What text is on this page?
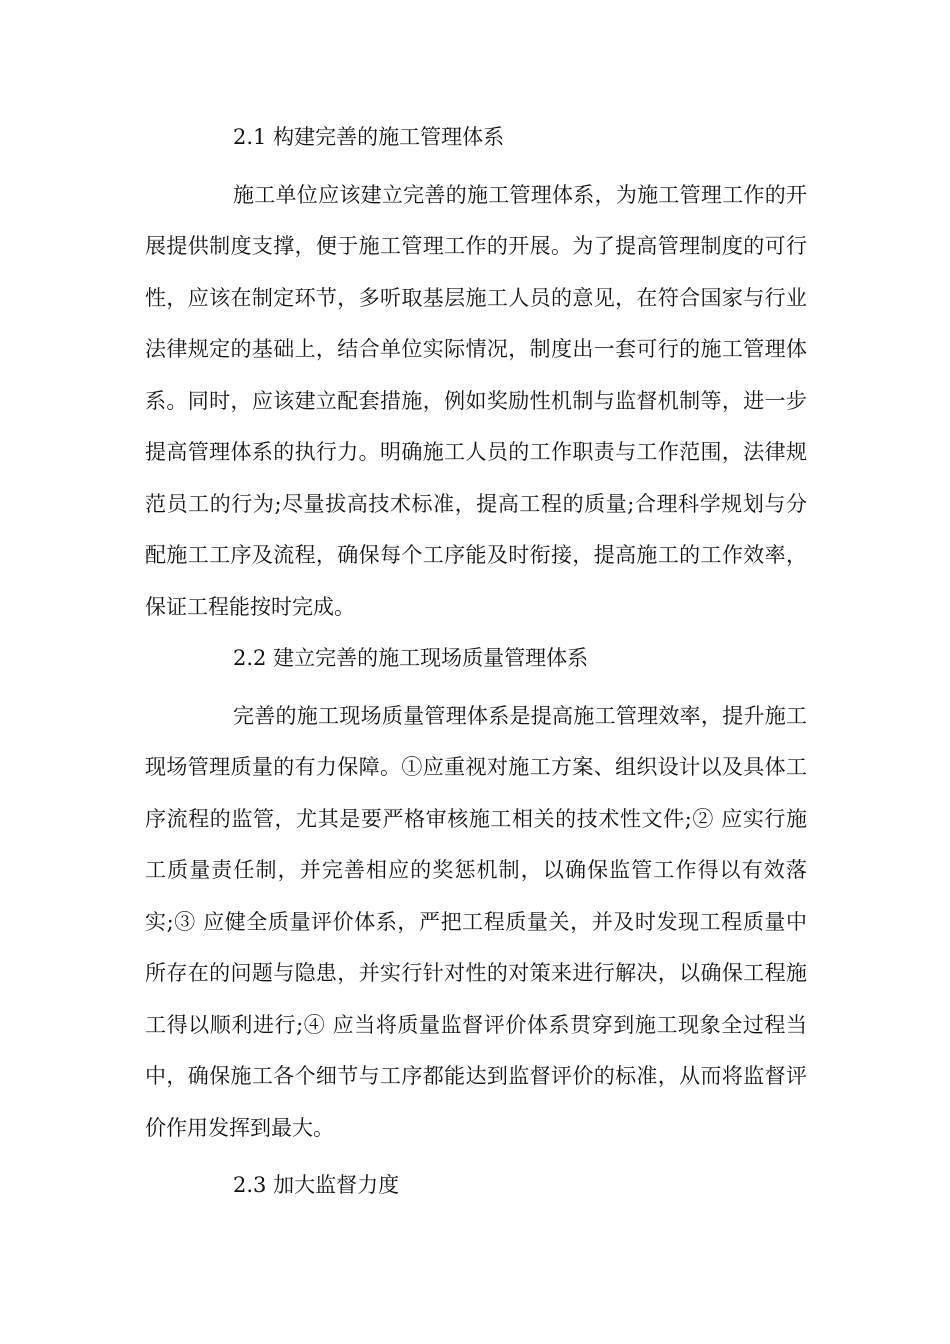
2.1 构建完善的施工管理体系

施工单位应该建立完善的施工管理体系，为施工管理工作的开展提供制度支撑，便于施工管理工作的开展。为了提高管理制度的可行性，应该在制定环节，多听取基层施工人员的意见，在符合国家与行业法律规定的基础上，结合单位实际情况，制度出一套可行的施工管理体系。同时，应该建立配套措施，例如奖励性机制与监督机制等，进一步提高管理体系的执行力。明确施工人员的工作职责与工作范围，法律规范员工的行为;尽量拔高技术标准，提高工程的质量;合理科学规划与分配施工工序及流程，确保每个工序能及时衔接，提高施工的工作效率，保证工程能按时完成。

2.2 建立完善的施工现场质量管理体系

完善的施工现场质量管理体系是提高施工管理效率，提升施工现场管理质量的有力保障。①应重视对施工方案、组织设计以及具体工序流程的监管，尤其是要严格审核施工相关的技术性文件;② 应实行施工质量责任制，并完善相应的奖惩机制，以确保监管工作得以有效落实;③ 应健全质量评价体系，严把工程质量关，并及时发现工程质量中所存在的问题与隐患，并实行针对性的对策来进行解决，以确保工程施工得以顺利进行;④ 应当将质量监督评价体系贯穿到施工现象全过程当中，确保施工各个细节与工序都能达到监督评价的标准，从而将监督评价作用发挥到最大。

2.3 加大监督力度
